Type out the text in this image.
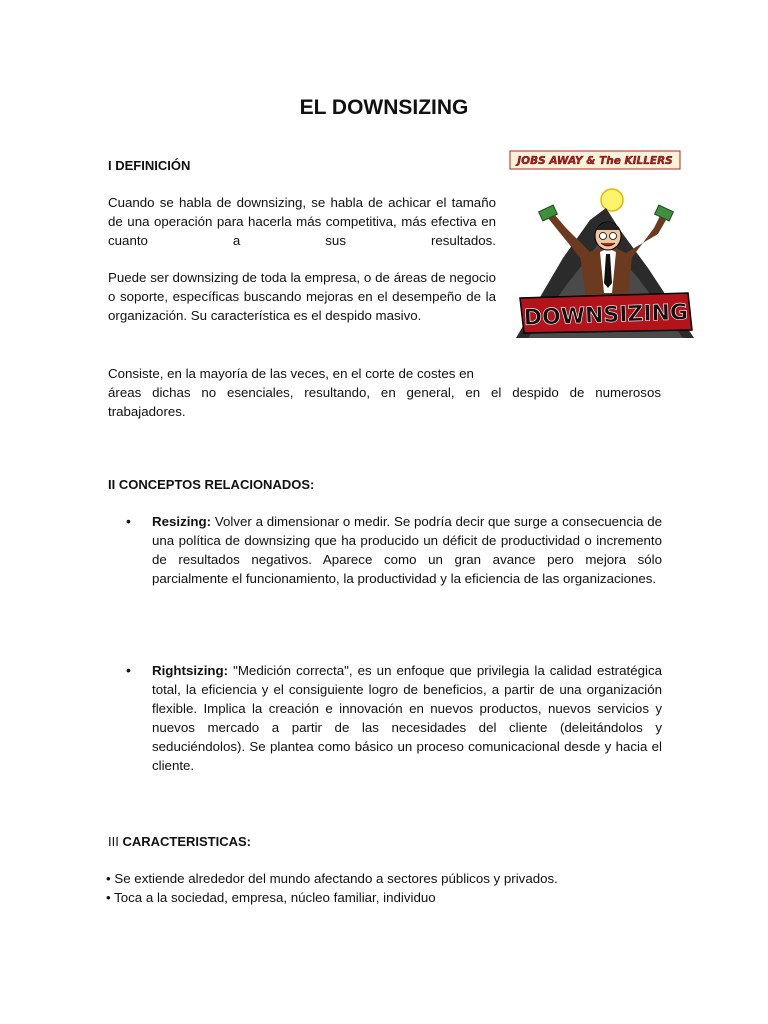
EL DOWNSIZING
I DEFINICIÓN
Cuando se habla de downsizing, se habla de achicar el tamaño de una operación para hacerla más competitiva, más efectiva en cuanto a sus resultados.
Puede ser downsizing de toda la empresa, o de áreas de negocio o soporte, específicas buscando mejoras en el desempeño de la organización. Su característica es el despido masivo.
Consiste, en la mayoría de las veces, en el corte de costes en
áreas dichas no esenciales, resultando, en general, en el despido de numerosos trabajadores.
JOBS AWAY & The KILLERS
DOWNSIZING
II CONCEPTOS RELACIONADOS:
• Resizing: Volver a dimensionar o medir. Se podría decir que surge a consecuencia de una política de downsizing que ha producido un déficit de productividad o incremento de resultados negativos. Aparece como un gran avance pero mejora sólo parcialmente el funcionamiento, la productividad y la eficiencia de las organizaciones.
• Rightsizing: "Medición correcta", es un enfoque que privilegia la calidad estratégica total, la eficiencia y el consiguiente logro de beneficios, a partir de una organización flexible. Implica la creación e innovación en nuevos productos, nuevos servicios y nuevos mercado a partir de las necesidades del cliente (deleitándolos y seduciéndolos). Se plantea como básico un proceso comunicacional desde y hacia el cliente.
III CARACTERISTICAS:
• Se extiende alrededor del mundo afectando a sectores públicos y privados.
• Toca a la sociedad, empresa, núcleo familiar, individuo
